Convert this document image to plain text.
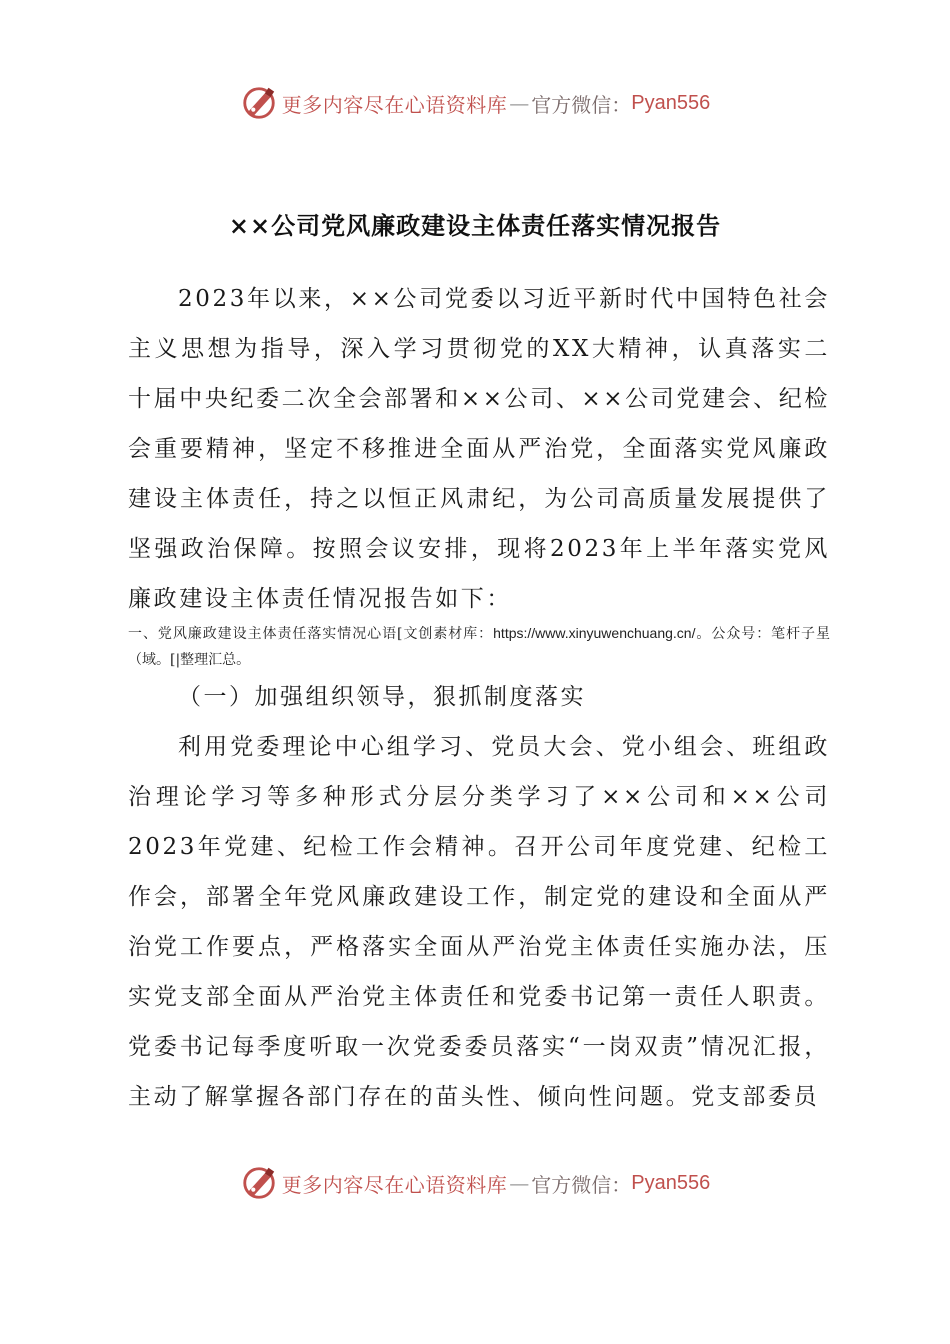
更多内容尽在心语资料库 — 官方微信： Pyan556
××公司党风廉政建设主体责任落实情况报告

2023年以来，××公司党委以习近平新时代中国特色社会主义思想为指导，深入学习贯彻党的XX大精神，认真落实二十届中央纪委二次全会部署和××公司、××公司党建会、纪检会重要精神，坚定不移推进全面从严治党，全面落实党风廉政建设主体责任，持之以恒正风肃纪，为公司高质量发展提供了坚强政治保障。按照会议安排，现将2023年上半年落实党风廉政建设主体责任情况报告如下：

一、党风廉政建设主体责任落实情况心语[文创素材库：https://www.xinyuwenchuang.cn/。公众号：笔杆子星（域。[|整理汇总。
（一）加强组织领导，狠抓制度落实

利用党委理论中心组学习、党员大会、党小组会、班组政治理论学习等多种形式分层分类学习了××公司和××公司2023年党建、纪检工作会精神。召开公司年度党建、纪检工作会，部署全年党风廉政建设工作，制定党的建设和全面从严治党工作要点，严格落实全面从严治党主体责任实施办法，压实党支部全面从严治党主体责任和党委书记第一责任人职责。党委书记每季度听取一次党委委员落实“一岗双责”情况汇报，主动了解掌握各部门存在的苗头性、倾向性问题。党支部委员

更多内容尽在心语资料库 — 官方微信： Pyan556
